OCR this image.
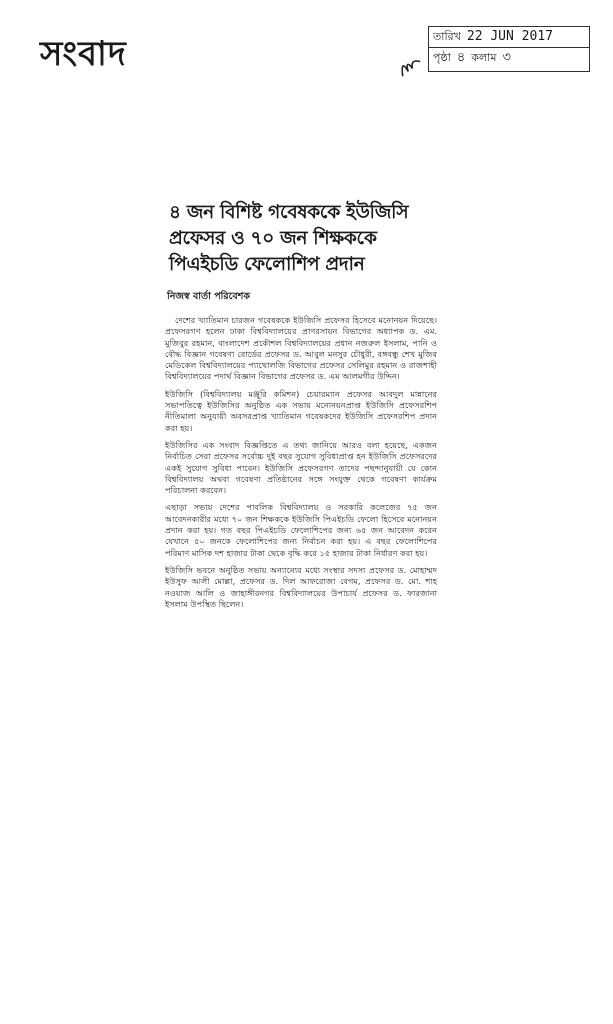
সংবাদ	তারিখ 22 JUN 2017
পৃষ্ঠা ৪ কলাম ৩
৪ জন বিশিষ্ট গবেষককে ইউজিসি
প্রফেসর ও ৭০ জন শিক্ষককে
পিএইচডি ফেলোশিপ প্রদান
নিজস্ব বার্তা পরিবেশক

দেশের খ্যাতিমান চারজন গবেষককে ইউজিসি প্রফেসর হিসেবে মনোনয়ন দিয়েছে। প্রফেসরগণ হলেন ঢাকা বিশ্ববিদ্যালয়ের প্রাণরসায়ন বিভাগের অধ্যাপক ড. এম. মুজিবুর রহমান, বাংলাদেশ প্রকৌশল বিশ্ববিদ্যালয়ের প্রধান নজরুল ইসলাম, পানি ও বৌদ্ধ বিজ্ঞান গবেষণা বোর্ডের প্রফেসর ড. আবুল মনসুর চৌধুরী, বঙ্গবন্ধু শেখ মুজিব মেডিকেল বিশ্ববিদ্যালয়ের প্যাথোলজি বিভাগের প্রফেসর সেলিমুর রহমান ও রাজশাহী বিশ্ববিদ্যালয়ের পদার্থ বিজ্ঞান বিভাগের প্রফেসর ড. এম আলমগীর উদ্দিন।

ইউজিসি (বিশ্ববিদ্যালয় মঞ্জুরি কমিশন) চেয়ারম্যান প্রফেসর আবদুল মান্নানের সভাপতিত্বে ইউজিসির অনুষ্ঠিত এক সভায় মনোনয়নপ্রাপ্ত ইউজিসি প্রফেসরশিপ নীতিমালা অনুযায়ী অবসরপ্রাপ্ত খ্যাতিমান গবেষকদের ইউজিসি প্রফেসরশিপ প্রদান করা হয়।

ইউজিসির এক সংবাদ বিজ্ঞপ্তিতে এ তথ্য জানিয়ে আরও বলা হয়েছে, একজন নির্বাচিত সেরা প্রফেসর সর্বোচ্চ দুই বছর সুযোগ সুবিধাপ্রাপ্ত হন ইউজিসি প্রফেসরদের একই সুযোগ সুবিধা পাবেন। ইউজিসি প্রফেসরগণ তাদের পছন্দানুযায়ী যে কোন বিশ্ববিদ্যালয় অথবা গবেষণা প্রতিষ্ঠানের সঙ্গে সংযুক্ত থেকে গবেষণা কার্যক্রম পরিচালনা করবেন।

এছাড়া সভায় দেশের পাবলিক বিশ্ববিদ্যালয় ও সরকারি কলেজের ৭৫ জন আবেদনকারীর মধ্যে ৭০ জন শিক্ষককে ইউজিসি পিএইচডি ফেলো হিসেবে মনোনয়ন প্রদান করা হয়। গত বছর পিএইচডি ফেলোশিপের জন্য ৬৫ জন আবেদন করেন যেখানে ৫০ জনকে ফেলোশিপের জন্য নির্বাচন করা হয়। এ বছর ফেলোশিপের পরিমাণ মাসিক দশ হাজার টাকা থেকে বৃদ্ধি করে ১৫ হাজার টাকা নির্ধারণ করা হয়।

ইউজিসি ভবনে অনুষ্ঠিত সভায় অন্যান্যের মধ্যে সংস্থার সদস্য প্রফেসর ড. মোহাম্মদ ইউসুফ আলী মোল্লা, প্রফেসর ড. দিল আফরোজা বেগম, প্রফেসর ড. মো. শাহ নওয়াজ আলি ও জাহাঙ্গীরনগর বিশ্ববিদ্যালয়ের উপাচার্য প্রফেসর ড. ফারজানা ইসলাম উপস্থিত ছিলেন।
